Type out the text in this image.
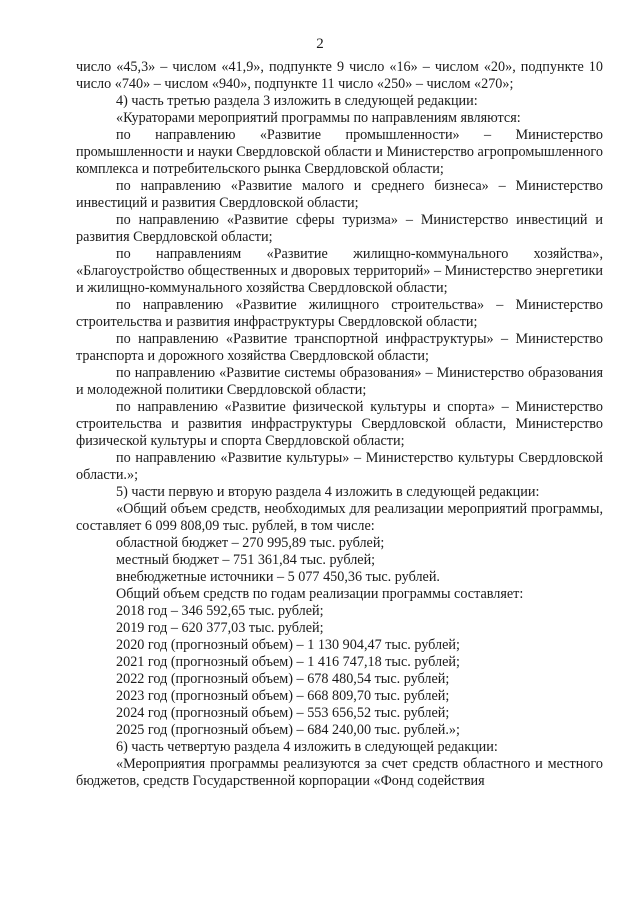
2

число «45,3» – числом «41,9», подпункте 9 число «16» – числом «20», подпункте 10 число «740» – числом «940», подпункте 11 число «250» – числом «270»;

4) часть третью раздела 3 изложить в следующей редакции:

«Кураторами мероприятий программы по направлениям являются:

по направлению «Развитие промышленности» – Министерство промышленности и науки Свердловской области и Министерство агропромышленного комплекса и потребительского рынка Свердловской области;

по направлению «Развитие малого и среднего бизнеса» – Министерство инвестиций и развития Свердловской области;

по направлению «Развитие сферы туризма» – Министерство инвестиций и развития Свердловской области;

по направлениям «Развитие жилищно-коммунального хозяйства», «Благоустройство общественных и дворовых территорий» – Министерство энергетики и жилищно-коммунального хозяйства Свердловской области;

по направлению «Развитие жилищного строительства» – Министерство строительства и развития инфраструктуры Свердловской области;

по направлению «Развитие транспортной инфраструктуры» – Министерство транспорта и дорожного хозяйства Свердловской области;

по направлению «Развитие системы образования» – Министерство образования и молодежной политики Свердловской области;

по направлению «Развитие физической культуры и спорта» – Министерство строительства и развития инфраструктуры Свердловской области, Министерство физической культуры и спорта Свердловской области;

по направлению «Развитие культуры» – Министерство культуры Свердловской области.»;

5) части первую и вторую раздела 4 изложить в следующей редакции:

«Общий объем средств, необходимых для реализации мероприятий программы, составляет 6 099 808,09 тыс. рублей, в том числе:

областной бюджет – 270 995,89 тыс. рублей;

местный бюджет – 751 361,84 тыс. рублей;

внебюджетные источники – 5 077 450,36 тыс. рублей.

Общий объем средств по годам реализации программы составляет:

2018 год – 346 592,65 тыс. рублей;

2019 год – 620 377,03 тыс. рублей;

2020 год (прогнозный объем) – 1 130 904,47 тыс. рублей;

2021 год (прогнозный объем) – 1 416 747,18 тыс. рублей;

2022 год (прогнозный объем) – 678 480,54 тыс. рублей;

2023 год (прогнозный объем) – 668 809,70 тыс. рублей;

2024 год (прогнозный объем) – 553 656,52 тыс. рублей;

2025 год (прогнозный объем) – 684 240,00 тыс. рублей.»;

6) часть четвертую раздела 4 изложить в следующей редакции:

«Мероприятия программы реализуются за счет средств областного и местного бюджетов, средств Государственной корпорации «Фонд содействия
